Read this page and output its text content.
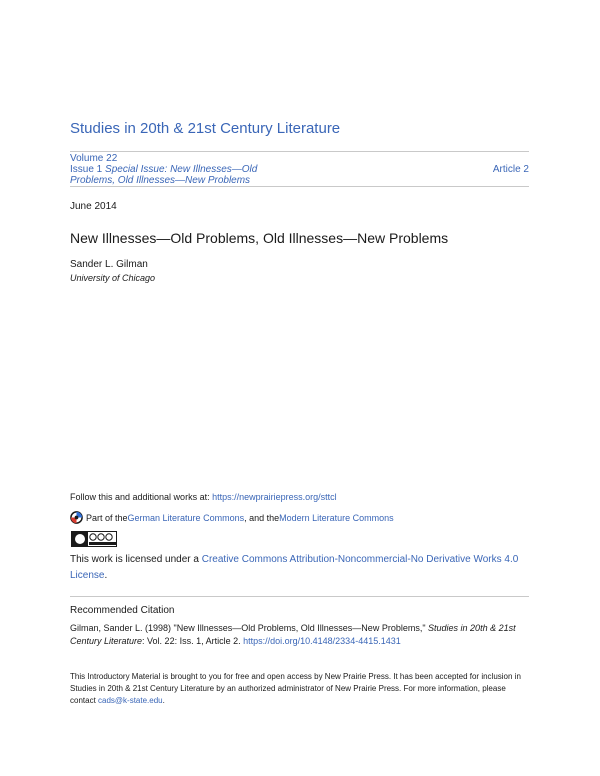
Studies in 20th & 21st Century Literature
Volume 22
Issue 1 Special Issue: New Illnesses—Old
Problems, Old Illnesses—New Problems
Article 2
June 2014
New Illnesses—Old Problems, Old Illnesses—New Problems
Sander L. Gilman
University of Chicago
Follow this and additional works at: https://newprairiepress.org/sttcl
Part of the German Literature Commons , and the Modern Literature Commons
This work is licensed under a Creative Commons Attribution-Noncommercial-No Derivative Works 4.0 License.
Recommended Citation
Gilman, Sander L. (1998) "New Illnesses—Old Problems, Old Illnesses—New Problems," Studies in 20th & 21st Century Literature: Vol. 22: Iss. 1, Article 2. https://doi.org/10.4148/2334-4415.1431
This Introductory Material is brought to you for free and open access by New Prairie Press. It has been accepted for inclusion in Studies in 20th & 21st Century Literature by an authorized administrator of New Prairie Press. For more information, please contact cads@k-state.edu.
